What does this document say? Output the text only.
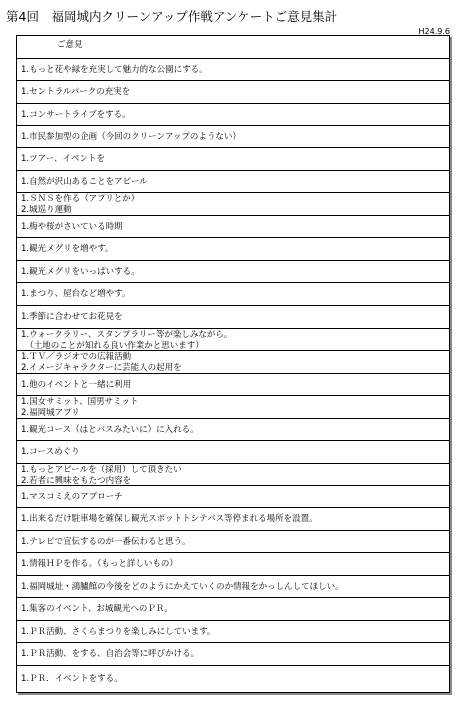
第4回　福岡城内クリーンアップ作戦アンケートご意見集計
H24.9.6
ご意見
1.もっと花や緑を充実して魅力的な公園にする。
1.セントラルパークの充実を
1.コンサートライブをする。
1.市民参加型の企画（今回のクリーンアップのようない）
1.ツアー、イベントを
1.自然が沢山あることをアピール
1.ＳＮＳを作る（アプリとか）
2.城巡り運動
1.梅や桜がさいている時期
1.観光メグリを増やす。
1.観光メグリをいっぱいする。
1.まつり、屋台など増やす。
1.季節に合わせてお花見を
1.ウォークラリー、スタンプラリー等が楽しみながら。
　（土地のことが知れる良い作業かと思います）
1.ＴＶ／ラジオでの広報活動
2.イメージキャラクターに芸能人の起用を
1.他のイベントと一緒に利用
1.国女サミット、国男サミット
2.福岡城アプリ
1.観光コース（はとバスみたいに）に入れる。
1.コースめぐり
1.もっとアピールを（採用）して頂きたい
2.若者に興味をもたつ内容を
1.マスコミえのアプローチ
1.出来るだけ駐車場を確保し観光スポットトシテバス等停まれる場所を設置。
1.テレビで宣伝するのが一番伝わると思う。
1.情報ＨＰを作る。（もっと詳しいもの）
1.福岡城址・鴻臚館の今後をどのようにかえていくのか情報をかっしんしてほしい。
1.集客のイベント、お城観光へのＰＲ。
1.ＰＲ活動、さくらまつりを楽しみにしています。
1.ＰＲ活動、をする、自治会等に呼びかける。
1.ＰＲ．イベントをする。
